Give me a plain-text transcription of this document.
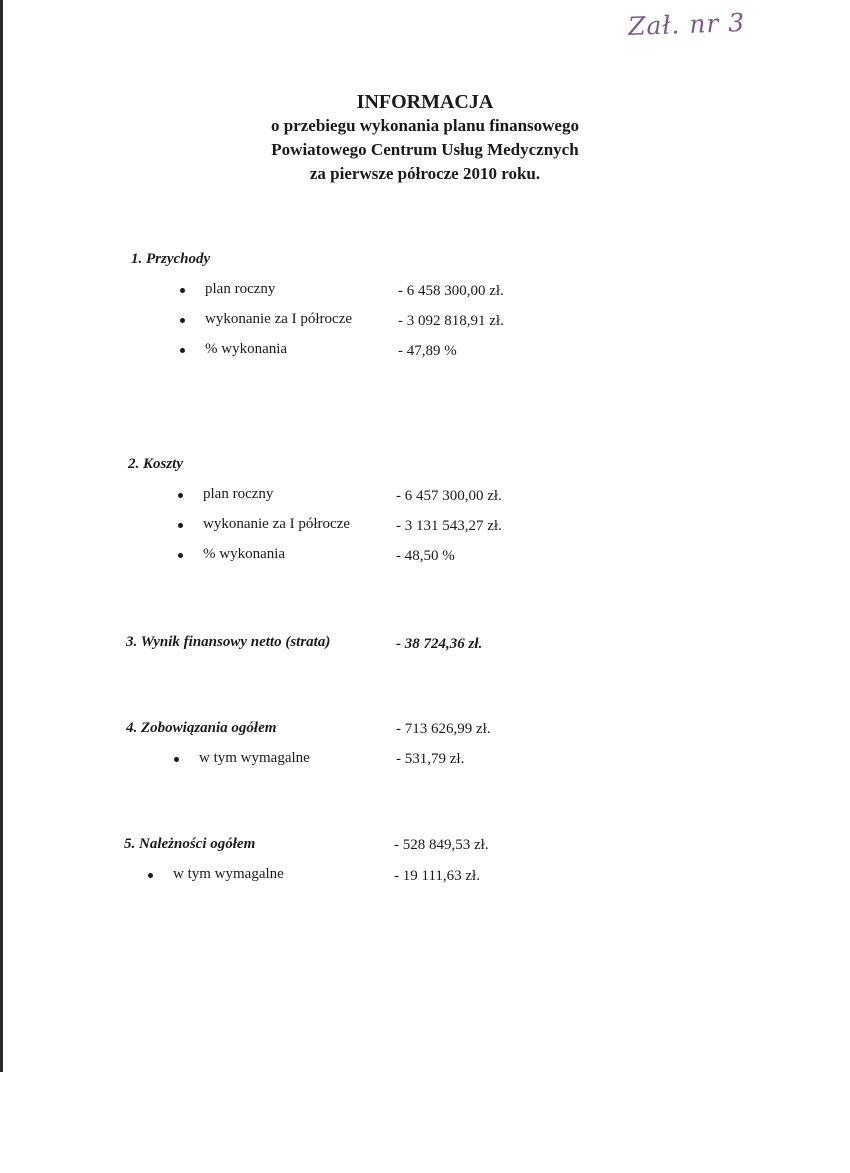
Zał. nr 3
INFORMACJA
o przebiegu wykonania planu finansowego
Powiatowego Centrum Usług Medycznych
za pierwsze półrocze 2010 roku.
1. Przychody
plan roczny	- 6 458 300,00 zł.
wykonanie za I półrocze	- 3 092 818,91 zł.
% wykonania	- 47,89 %
2. Koszty
plan roczny	- 6 457 300,00 zł.
wykonanie za I półrocze	- 3 131 543,27 zł.
% wykonania	- 48,50 %
3. Wynik finansowy netto (strata)	- 38 724,36 zł.
4. Zobowiązania ogółem	- 713 626,99 zł.
w tym wymagalne	- 531,79 zł.
5. Należności ogółem	- 528 849,53 zł.
w tym wymagalne	- 19 111,63 zł.
